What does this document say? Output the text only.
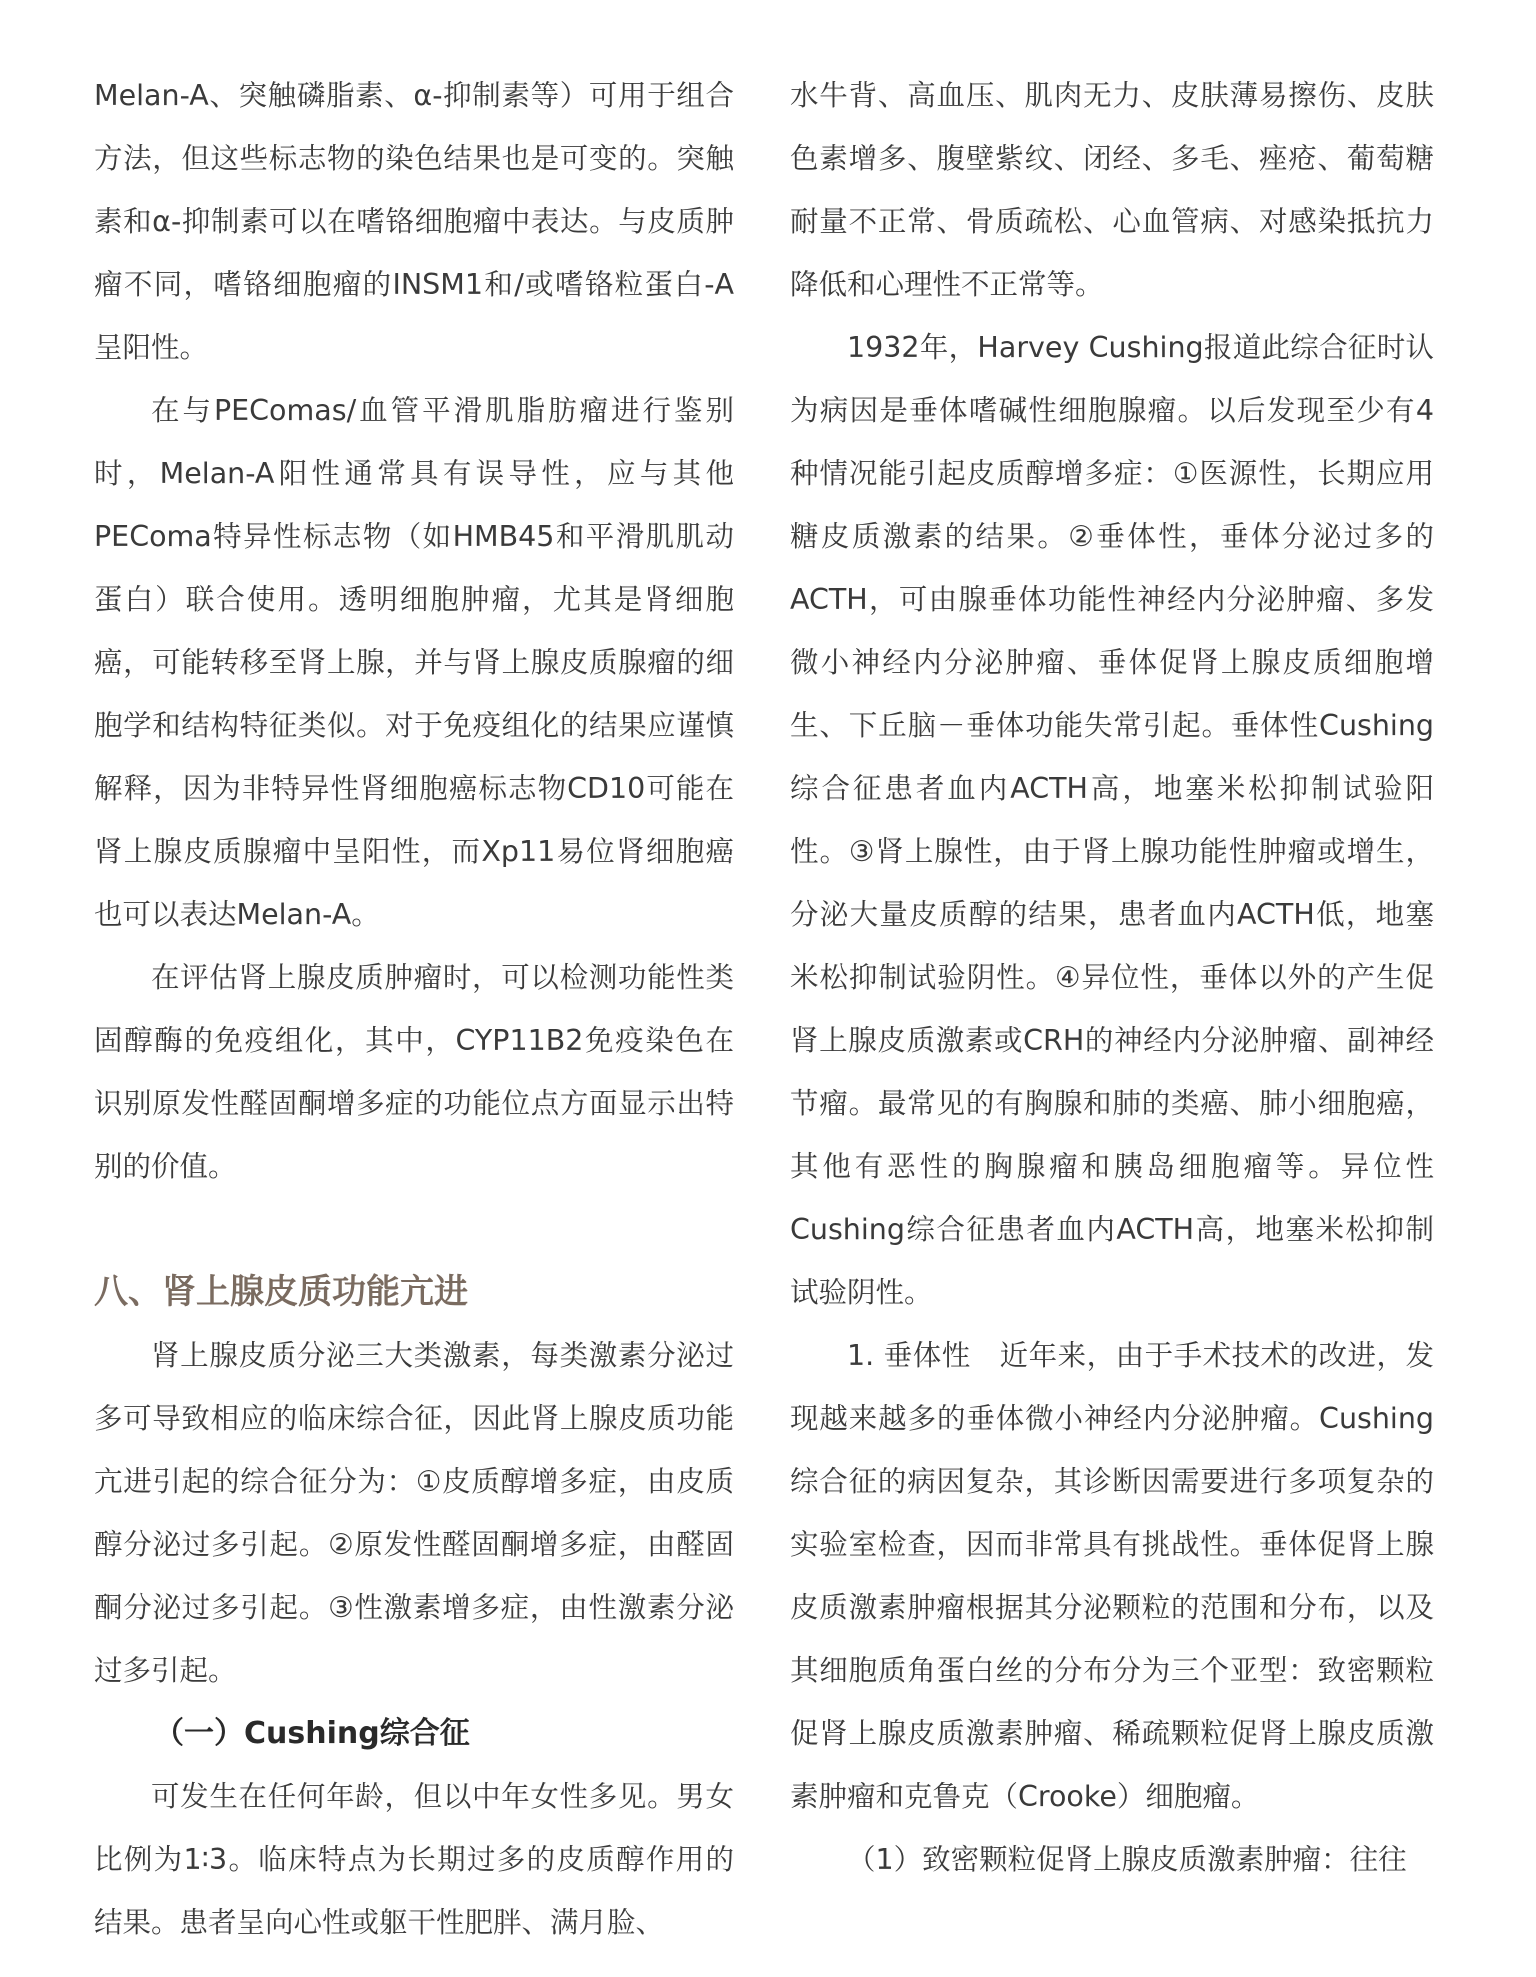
Melan-A、突触磷脂素、α-抑制素等）可用于组合方法，但这些标志物的染色结果也是可变的。突触素和α-抑制素可以在嗜铬细胞瘤中表达。与皮质肿瘤不同，嗜铬细胞瘤的INSM1和/或嗜铬粒蛋白-A呈阳性。

在与PEComas/血管平滑肌脂肪瘤进行鉴别时，Melan-A阳性通常具有误导性，应与其他PEComa特异性标志物（如HMB45和平滑肌肌动蛋白）联合使用。透明细胞肿瘤，尤其是肾细胞癌，可能转移至肾上腺，并与肾上腺皮质腺瘤的细胞学和结构特征类似。对于免疫组化的结果应谨慎解释，因为非特异性肾细胞癌标志物CD10可能在肾上腺皮质腺瘤中呈阳性，而Xp11易位肾细胞癌也可以表达Melan-A。

在评估肾上腺皮质肿瘤时，可以检测功能性类固醇酶的免疫组化，其中，CYP11B2免疫染色在识别原发性醛固酮增多症的功能位点方面显示出特别的价值。

八、肾上腺皮质功能亢进

肾上腺皮质分泌三大类激素，每类激素分泌过多可导致相应的临床综合征，因此肾上腺皮质功能亢进引起的综合征分为：①皮质醇增多症，由皮质醇分泌过多引起。②原发性醛固酮增多症，由醛固酮分泌过多引起。③性激素增多症，由性激素分泌过多引起。

（一）Cushing综合征

可发生在任何年龄，但以中年女性多见。男女比例为1∶3。临床特点为长期过多的皮质醇作用的结果。患者呈向心性或躯干性肥胖、满月脸、

水牛背、高血压、肌肉无力、皮肤薄易擦伤、皮肤色素增多、腹壁紫纹、闭经、多毛、痤疮、葡萄糖耐量不正常、骨质疏松、心血管病、对感染抵抗力降低和心理性不正常等。

1932年，Harvey Cushing报道此综合征时认为病因是垂体嗜碱性细胞腺瘤。以后发现至少有4种情况能引起皮质醇增多症：①医源性，长期应用糖皮质激素的结果。②垂体性，垂体分泌过多的ACTH，可由腺垂体功能性神经内分泌肿瘤、多发微小神经内分泌肿瘤、垂体促肾上腺皮质细胞增生、下丘脑－垂体功能失常引起。垂体性Cushing综合征患者血内ACTH高，地塞米松抑制试验阳性。③肾上腺性，由于肾上腺功能性肿瘤或增生，分泌大量皮质醇的结果，患者血内ACTH低，地塞米松抑制试验阴性。④异位性，垂体以外的产生促肾上腺皮质激素或CRH的神经内分泌肿瘤、副神经节瘤。最常见的有胸腺和肺的类癌、肺小细胞癌，其他有恶性的胸腺瘤和胰岛细胞瘤等。异位性Cushing综合征患者血内ACTH高，地塞米松抑制试验阴性。

1. 垂体性　近年来，由于手术技术的改进，发现越来越多的垂体微小神经内分泌肿瘤。Cushing综合征的病因复杂，其诊断因需要进行多项复杂的实验室检查，因而非常具有挑战性。垂体促肾上腺皮质激素肿瘤根据其分泌颗粒的范围和分布，以及其细胞质角蛋白丝的分布分为三个亚型：致密颗粒促肾上腺皮质激素肿瘤、稀疏颗粒促肾上腺皮质激素肿瘤和克鲁克（Crooke）细胞瘤。

（1）致密颗粒促肾上腺皮质激素肿瘤：往往
